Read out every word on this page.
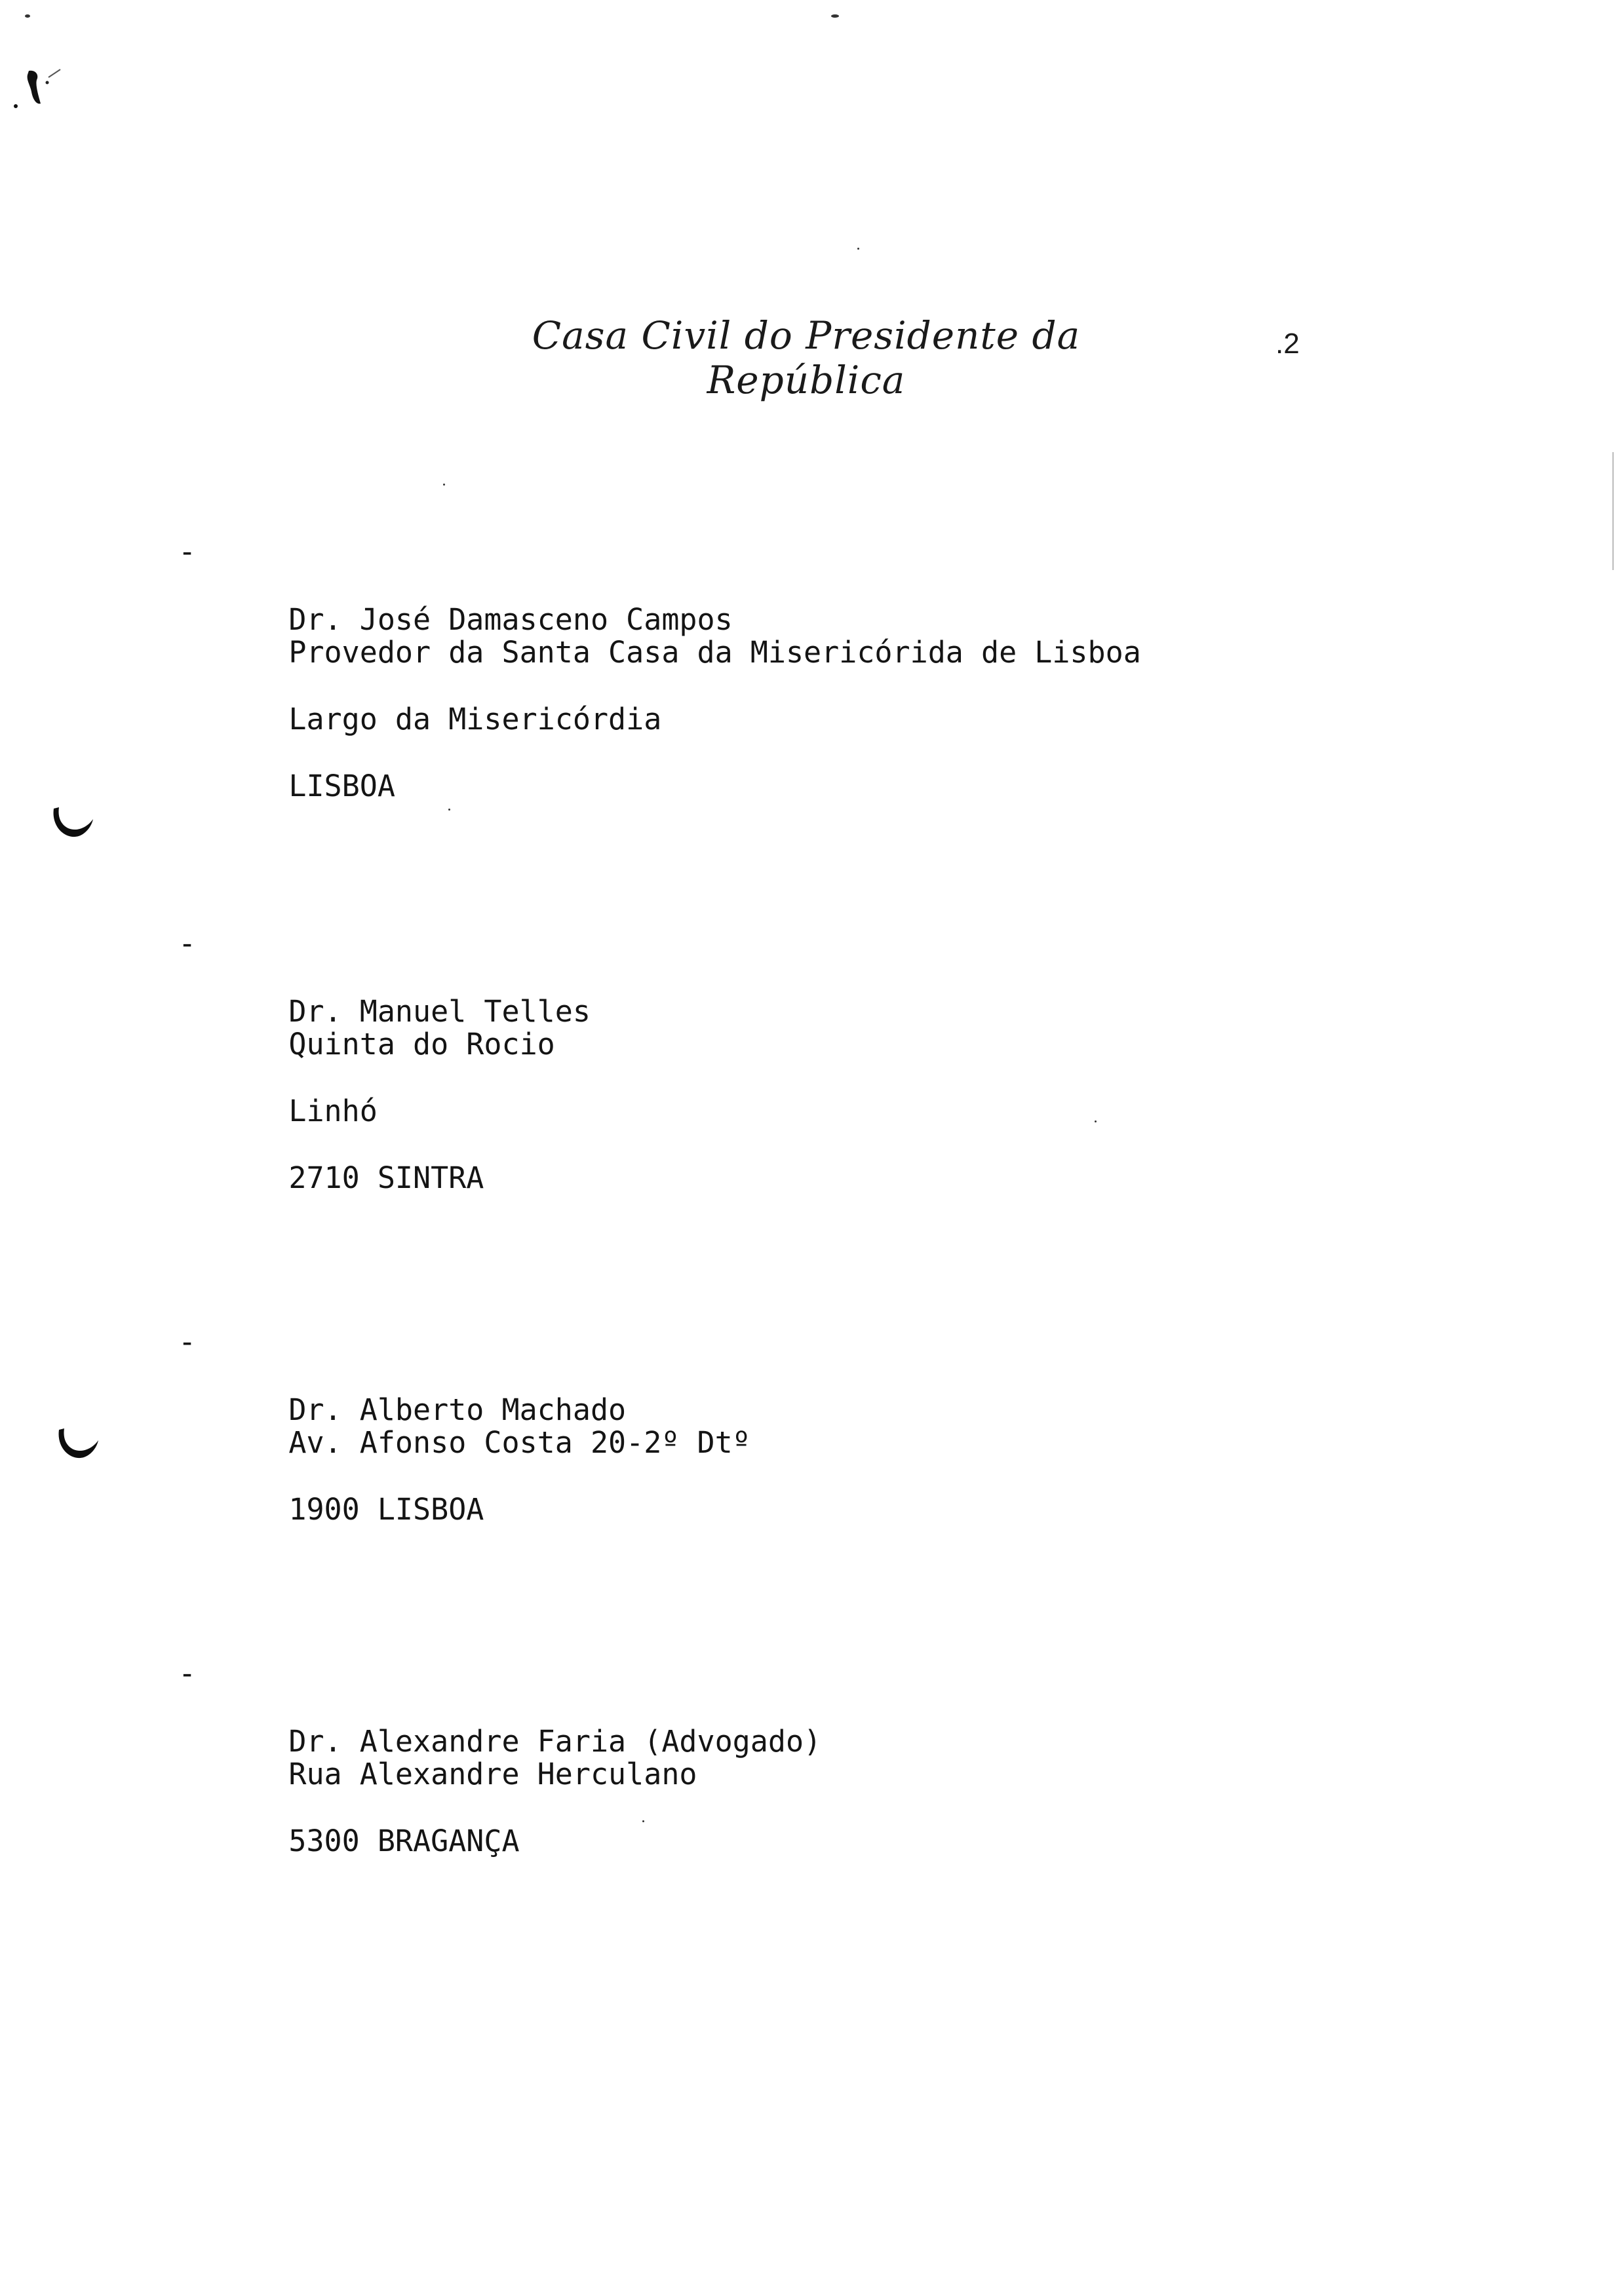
Casa Civil do Presidente da República
.2

-

Dr. José Damasceno Campos

Provedor da Santa Casa da Misericórida de Lisboa

Largo da Misericórdia

LISBOA

-

Dr. Manuel Telles

Quinta do Rocio

Linhó

2710 SINTRA

-

Dr. Alberto Machado

Av. Afonso Costa 20-2º Dtº

1900 LISBOA

-

Dr. Alexandre Faria (Advogado)

Rua Alexandre Herculano

5300 BRAGANÇA
